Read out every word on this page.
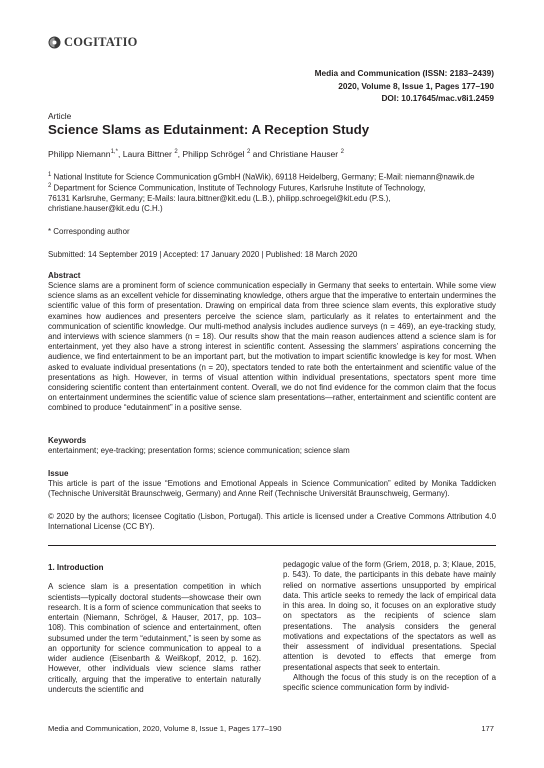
COGITATIO
Media and Communication (ISSN: 2183–2439)
2020, Volume 8, Issue 1, Pages 177–190
DOI: 10.17645/mac.v8i1.2459
Article
Science Slams as Edutainment: A Reception Study
Philipp Niemann$^{1,*}$, Laura Bittner $^2$, Philipp Schrögel $^2$ and Christiane Hauser $^2$
$^1$ National Institute for Science Communication gGmbH (NaWik), 69118 Heidelberg, Germany; E-Mail: niemann@nawik.de
$^2$ Department for Science Communication, Institute of Technology Futures, Karlsruhe Institute of Technology,
76131 Karlsruhe, Germany; E-Mails: laura.bittner@kit.edu (L.B.), philipp.schroegel@kit.edu (P.S.),
christiane.hauser@kit.edu (C.H.)
* Corresponding author
Submitted: 14 September 2019 | Accepted: 17 January 2020 | Published: 18 March 2020
Abstract
Science slams are a prominent form of science communication especially in Germany that seeks to entertain. While some view science slams as an excellent vehicle for disseminating knowledge, others argue that the imperative to entertain undermines the scientific value of this form of presentation. Drawing on empirical data from three science slam events, this explorative study examines how audiences and presenters perceive the science slam, particularly as it relates to entertainment and the communication of scientific knowledge. Our multi-method analysis includes audience surveys (n = 469), an eye-tracking study, and interviews with science slammers (n = 18). Our results show that the main reason audiences attend a science slam is for entertainment, yet they also have a strong interest in scientific content. Assessing the slammers’ aspirations concerning the audience, we find entertainment to be an important part, but the motivation to impart scientific knowledge is key for most. When asked to evaluate individual presentations (n = 20), spectators tended to rate both the entertainment and scientific value of the presentations as high. However, in terms of visual attention within individual presentations, spectators spent more time considering scientific content than entertainment content. Overall, we do not find evidence for the common claim that the focus on entertainment undermines the scientific value of science slam presentations—rather, entertainment and scientific content are combined to produce “edutainment” in a positive sense.
Keywords
entertainment; eye-tracking; presentation forms; science communication; science slam
Issue
This article is part of the issue “Emotions and Emotional Appeals in Science Communication” edited by Monika Taddicken (Technische Universität Braunschweig, Germany) and Anne Reif (Technische Universität Braunschweig, Germany).
© 2020 by the authors; licensee Cogitatio (Lisbon, Portugal). This article is licensed under a Creative Commons Attribution 4.0 International License (CC BY).
1. Introduction
A science slam is a presentation competition in which scientists—typically doctoral students—showcase their own research. It is a form of science communication that seeks to entertain (Niemann, Schrögel, & Hauser, 2017, pp. 103–108). This combination of science and entertainment, often subsumed under the term “edutainment,” is seen by some as an opportunity for science communication to appeal to a wider audience (Eisenbarth & Weißkopf, 2012, p. 162). However, other individuals view science slams rather critically, arguing that the imperative to entertain naturally undercuts the scientific and
pedagogic value of the form (Griem, 2018, p. 3; Klaue, 2015, p. 543). To date, the participants in this debate have mainly relied on normative assertions unsupported by empirical data. This article seeks to remedy the lack of empirical data in this area. In doing so, it focuses on an explorative study on spectators as the recipients of science slam presentations. The analysis considers the general motivations and expectations of the spectators as well as their assessment of individual presentations. Special attention is devoted to effects that emerge from presentational aspects that seek to entertain.
Although the focus of this study is on the reception of a specific science communication form by individ-
Media and Communication, 2020, Volume 8, Issue 1, Pages 177–190	177
